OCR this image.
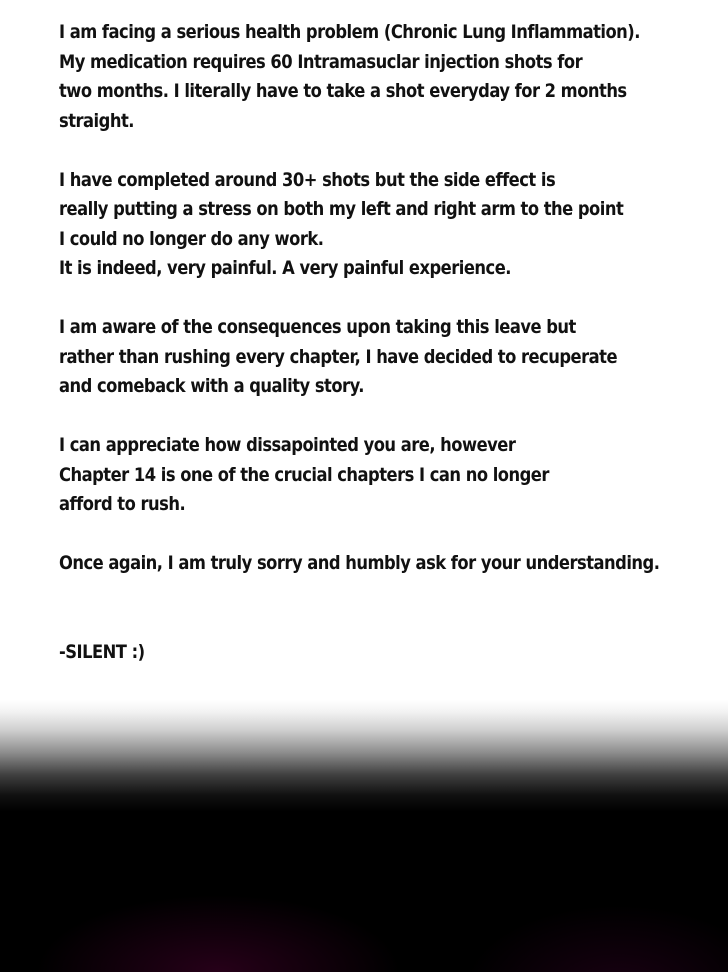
I am facing a serious health problem (Chronic Lung Inflammation).
My medication requires 60 Intramasuclar injection shots for
two months. I literally have to take a shot everyday for 2 months
straight.
I have completed around 30+ shots but the side effect is
really putting a stress on both my left and right arm to the point
I could no longer do any work.
It is indeed, very painful. A very painful experience.
I am aware of the consequences upon taking this leave but
rather than rushing every chapter, I have decided to recuperate
and comeback with a quality story.
I can appreciate how dissapointed you are, however
Chapter 14 is one of the crucial chapters I can no longer
afford to rush.
Once again, I am truly sorry and humbly ask for your understanding.
-SILENT :)
